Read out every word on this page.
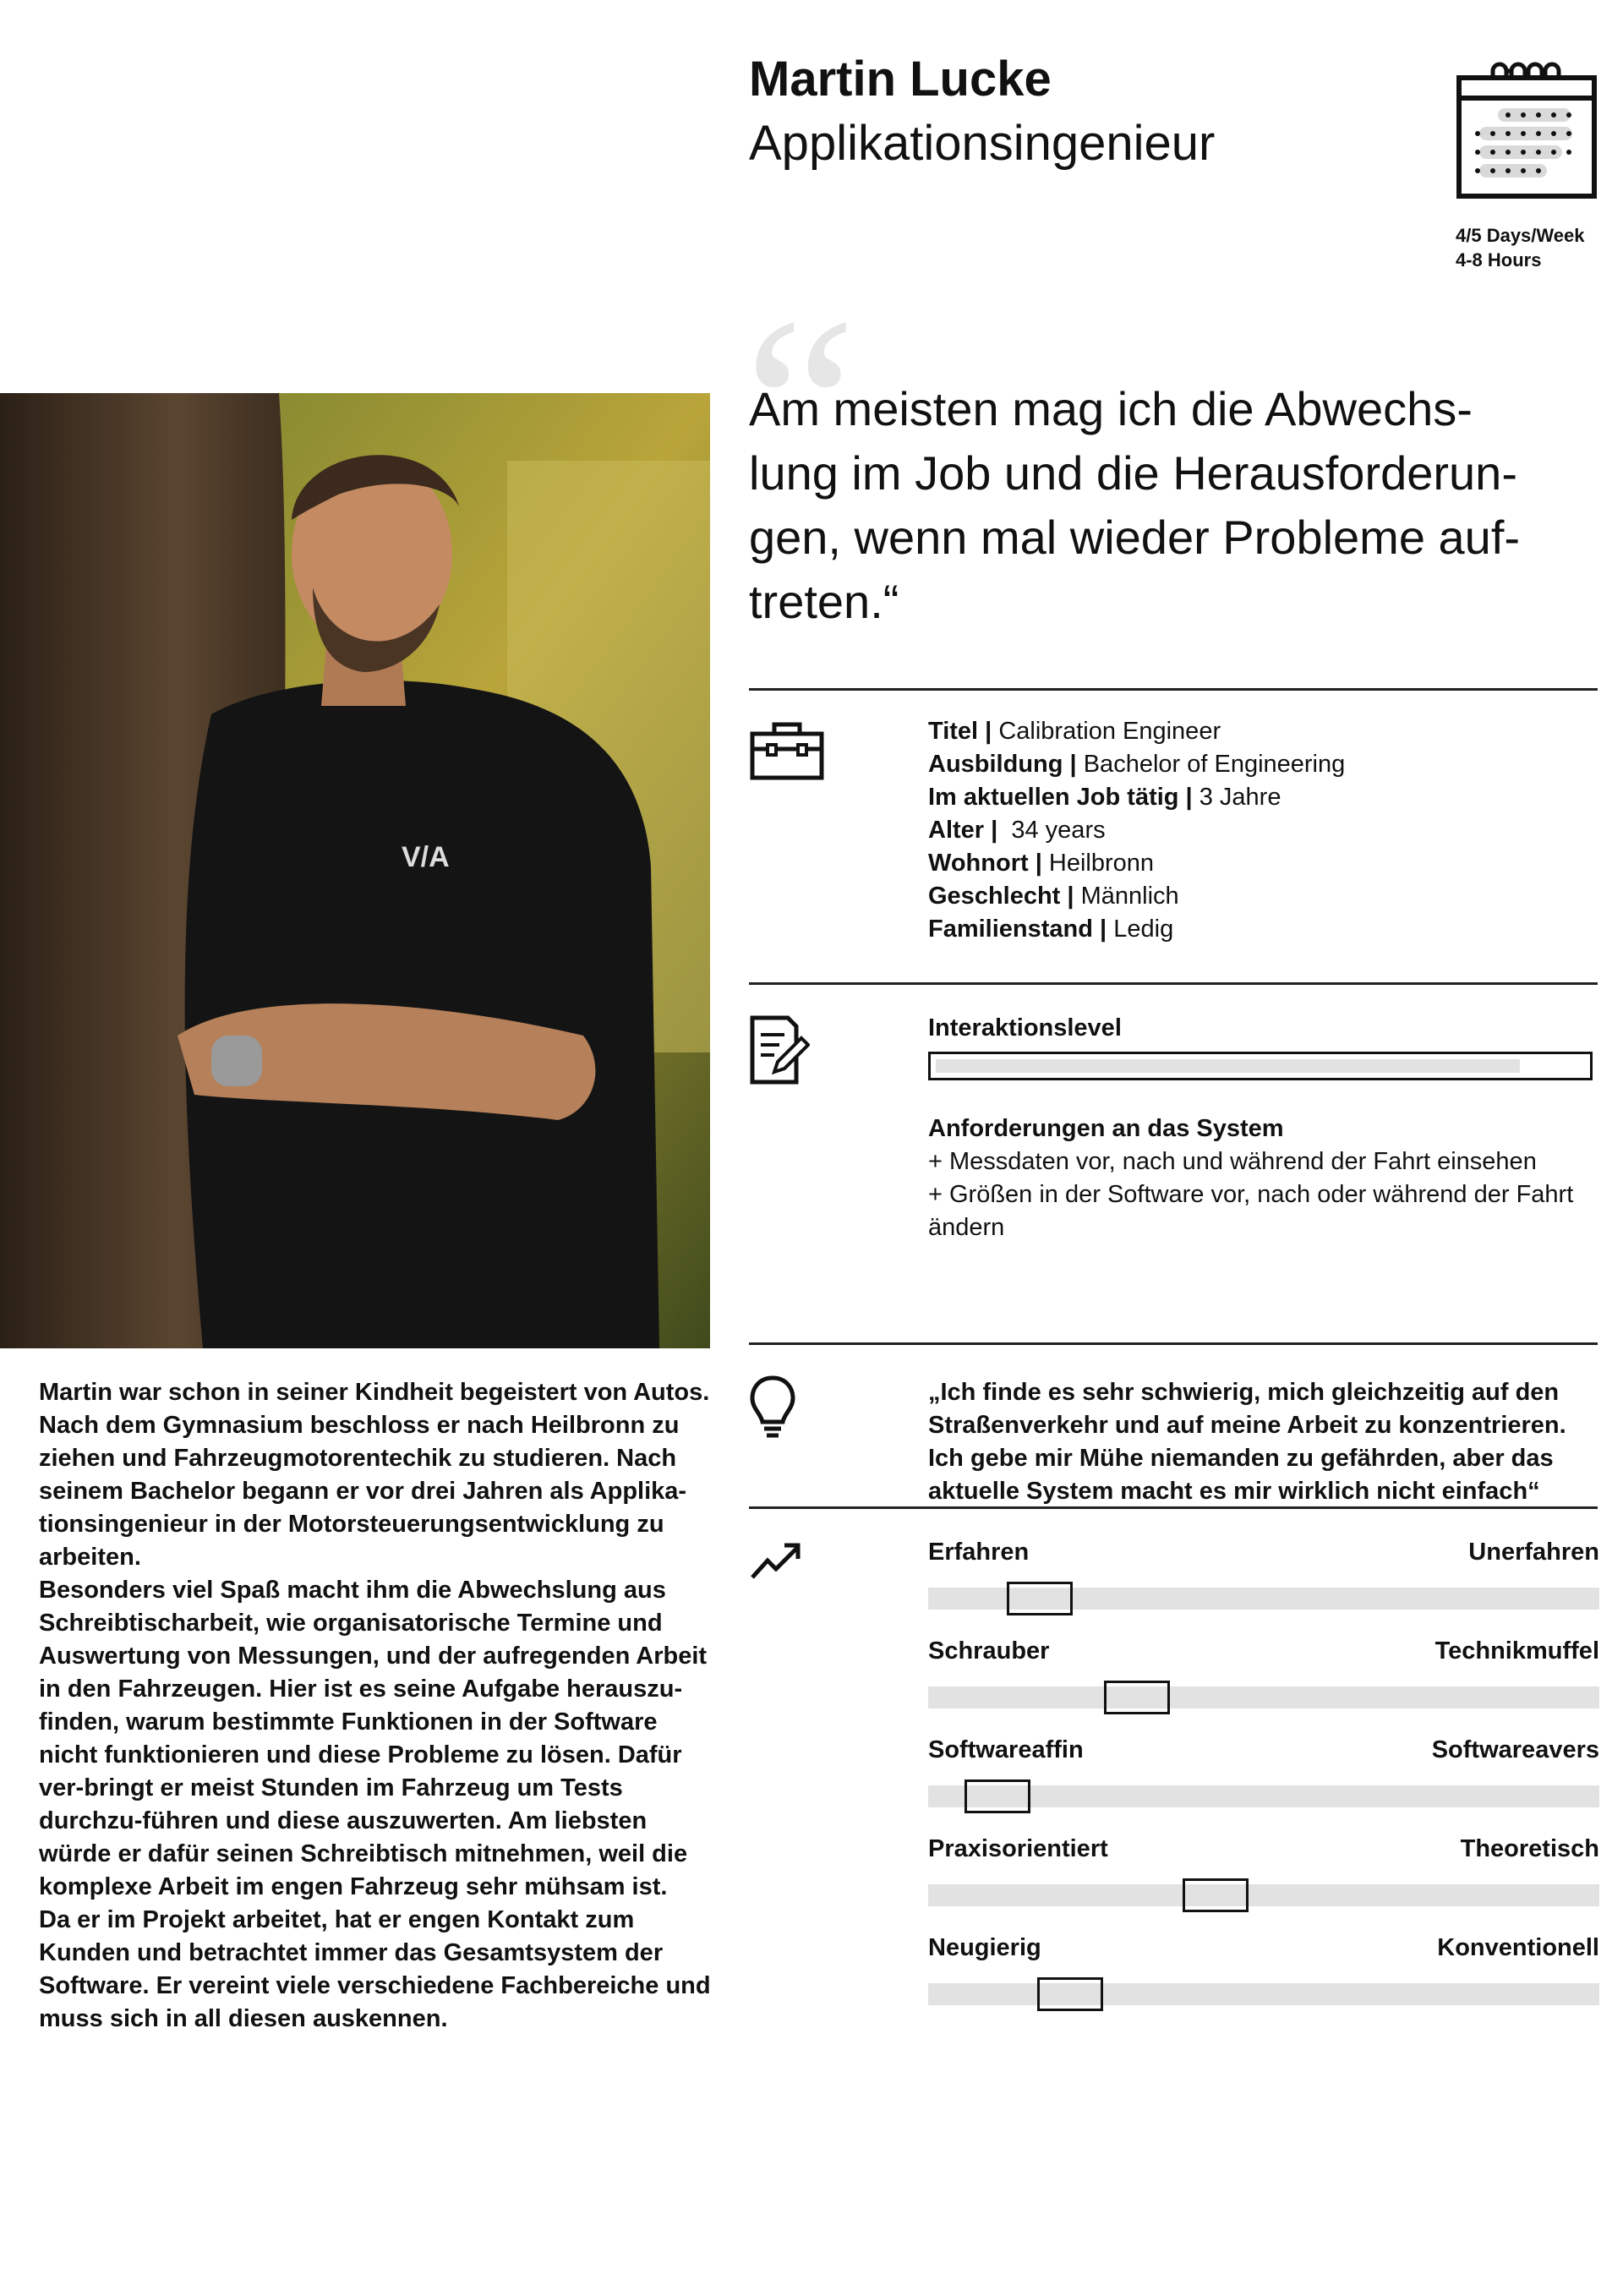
Martin Lucke
Applikationsingenieur
4/5 Days/Week
4-8 Hours
“
Am meisten mag ich die Abwechs-
lung im Job und die Herausforderun-
gen, wenn mal wieder Probleme auf-
treten.“
V/A
Titel | Calibration Engineer
Ausbildung | Bachelor of Engineering
Im aktuellen Job tätig | 3 Jahre
Alter |  34 years
Wohnort | Heilbronn
Geschlecht | Männlich
Familienstand | Ledig
Interaktionslevel
Anforderungen an das System
+ Messdaten vor, nach und während der Fahrt einsehen
+ Größen in der Software vor, nach oder während der Fahrt ändern

Martin war schon in seiner Kindheit begeistert von Autos. Nach dem Gymnasium beschloss er nach Heilbronn zu ziehen und Fahrzeugmotorentechik zu studieren. Nach seinem Bachelor begann er vor drei Jahren als Applika-tionsingenieur in der Motorsteuerungsentwicklung zu arbeiten.

Besonders viel Spaß macht ihm die Abwechslung aus Schreibtischarbeit, wie organisatorische Termine und Auswertung von Messungen, und der aufregenden Arbeit in den Fahrzeugen. Hier ist es seine Aufgabe herauszu-finden, warum bestimmte Funktionen in der Software nicht funktionieren und diese Probleme zu lösen. Dafür ver-bringt er meist Stunden im Fahrzeug um Tests durchzu-führen und diese auszuwerten. Am liebsten würde er dafür seinen Schreibtisch mitnehmen, weil die komplexe Arbeit im engen Fahrzeug sehr mühsam ist.

Da er im Projekt arbeitet, hat er engen Kontakt zum Kunden und betrachtet immer das Gesamtsystem der Software. Er vereint viele verschiedene Fachbereiche und muss sich in all diesen auskennen.

„Ich finde es sehr schwierig, mich gleichzeitig auf den Straßenverkehr und auf meine Arbeit zu konzentrieren. Ich gebe mir Mühe niemanden zu gefährden, aber das aktuelle System macht es mir wirklich nicht einfach“
Erfahren	Unerfahren
Schrauber	Technikmuffel
Softwareaffin	Softwareavers
Praxisorientiert	Theoretisch
Neugierig	Konventionell
